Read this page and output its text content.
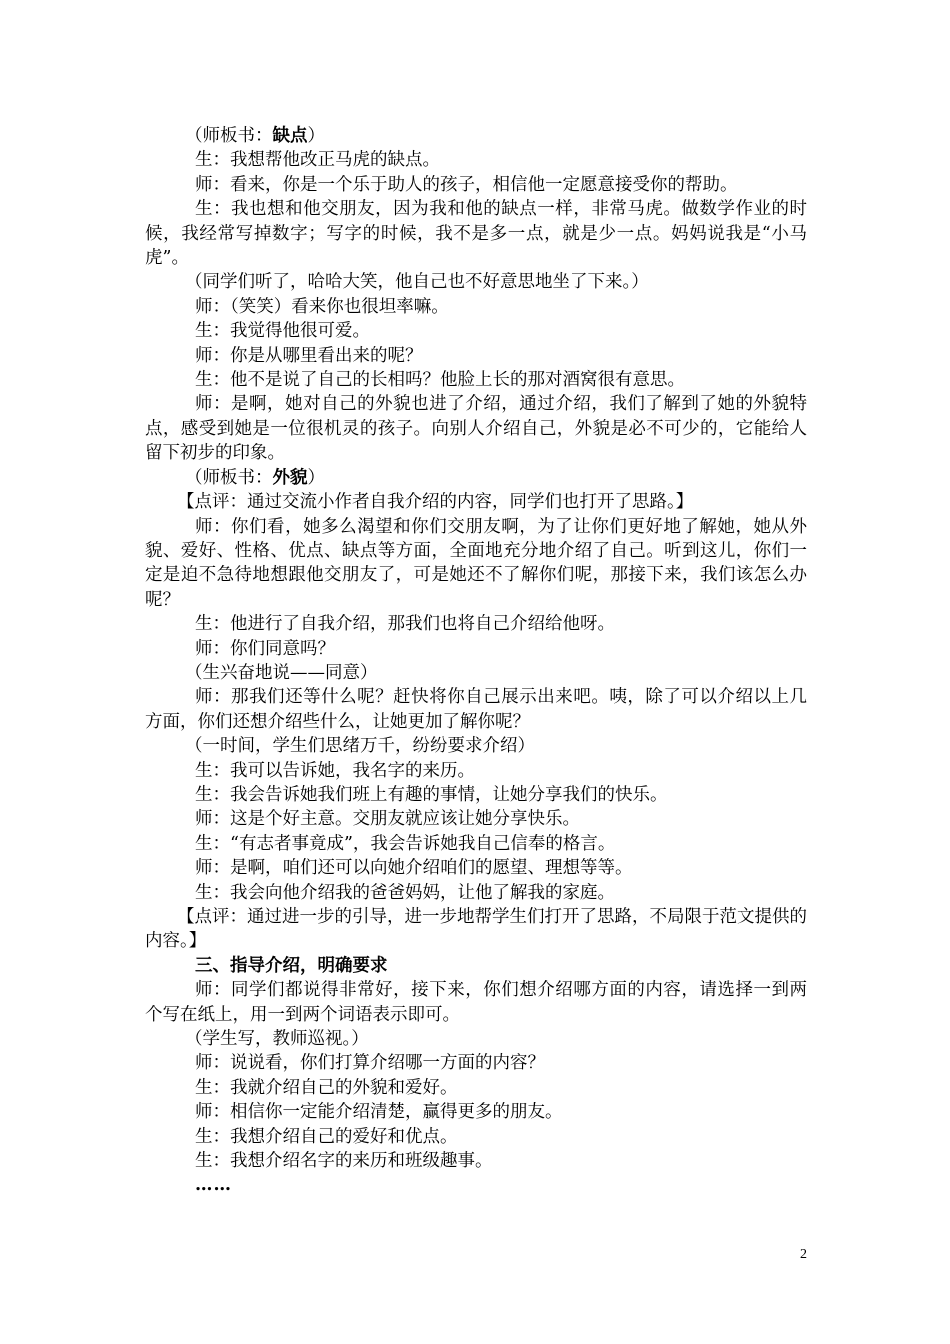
（师板书：缺点）
生：我想帮他改正马虎的缺点。
师：看来，你是一个乐于助人的孩子，相信他一定愿意接受你的帮助。
生：我也想和他交朋友，因为我和他的缺点一样，非常马虎。做数学作业的时候，我经常写掉数字；写字的时候，我不是多一点，就是少一点。妈妈说我是“小马虎”。
（同学们听了，哈哈大笑，他自己也不好意思地坐了下来。）
师：（笑笑）看来你也很坦率嘛。
生：我觉得他很可爱。
师：你是从哪里看出来的呢？
生：他不是说了自己的长相吗？他脸上长的那对酒窝很有意思。
师：是啊，她对自己的外貌也进了介绍，通过介绍，我们了解到了她的外貌特点，感受到她是一位很机灵的孩子。向别人介绍自己，外貌是必不可少的，它能给人留下初步的印象。
（师板书：外貌）
【点评：通过交流小作者自我介绍的内容，同学们也打开了思路。】
师：你们看，她多么渴望和你们交朋友啊，为了让你们更好地了解她，她从外貌、爱好、性格、优点、缺点等方面，全面地充分地介绍了自己。听到这儿，你们一定是迫不急待地想跟他交朋友了，可是她还不了解你们呢，那接下来，我们该怎么办呢？
生：他进行了自我介绍，那我们也将自己介绍给他呀。
师：你们同意吗？
（生兴奋地说——同意）
师：那我们还等什么呢？赶快将你自己展示出来吧。咦，除了可以介绍以上几方面，你们还想介绍些什么，让她更加了解你呢？
（一时间，学生们思绪万千，纷纷要求介绍）
生：我可以告诉她，我名字的来历。
生：我会告诉她我们班上有趣的事情，让她分享我们的快乐。
师：这是个好主意。交朋友就应该让她分享快乐。
生：“有志者事竟成”，我会告诉她我自己信奉的格言。
师：是啊，咱们还可以向她介绍咱们的愿望、理想等等。
生：我会向他介绍我的爸爸妈妈，让他了解我的家庭。
【点评：通过进一步的引导，进一步地帮学生们打开了思路，不局限于范文提供的内容。】
三、指导介绍，明确要求
师：同学们都说得非常好，接下来，你们想介绍哪方面的内容，请选择一到两个写在纸上，用一到两个词语表示即可。
（学生写，教师巡视。）
师：说说看，你们打算介绍哪一方面的内容？
生：我就介绍自己的外貌和爱好。
师：相信你一定能介绍清楚，赢得更多的朋友。
生：我想介绍自己的爱好和优点。
生：我想介绍名字的来历和班级趣事。
……
2
